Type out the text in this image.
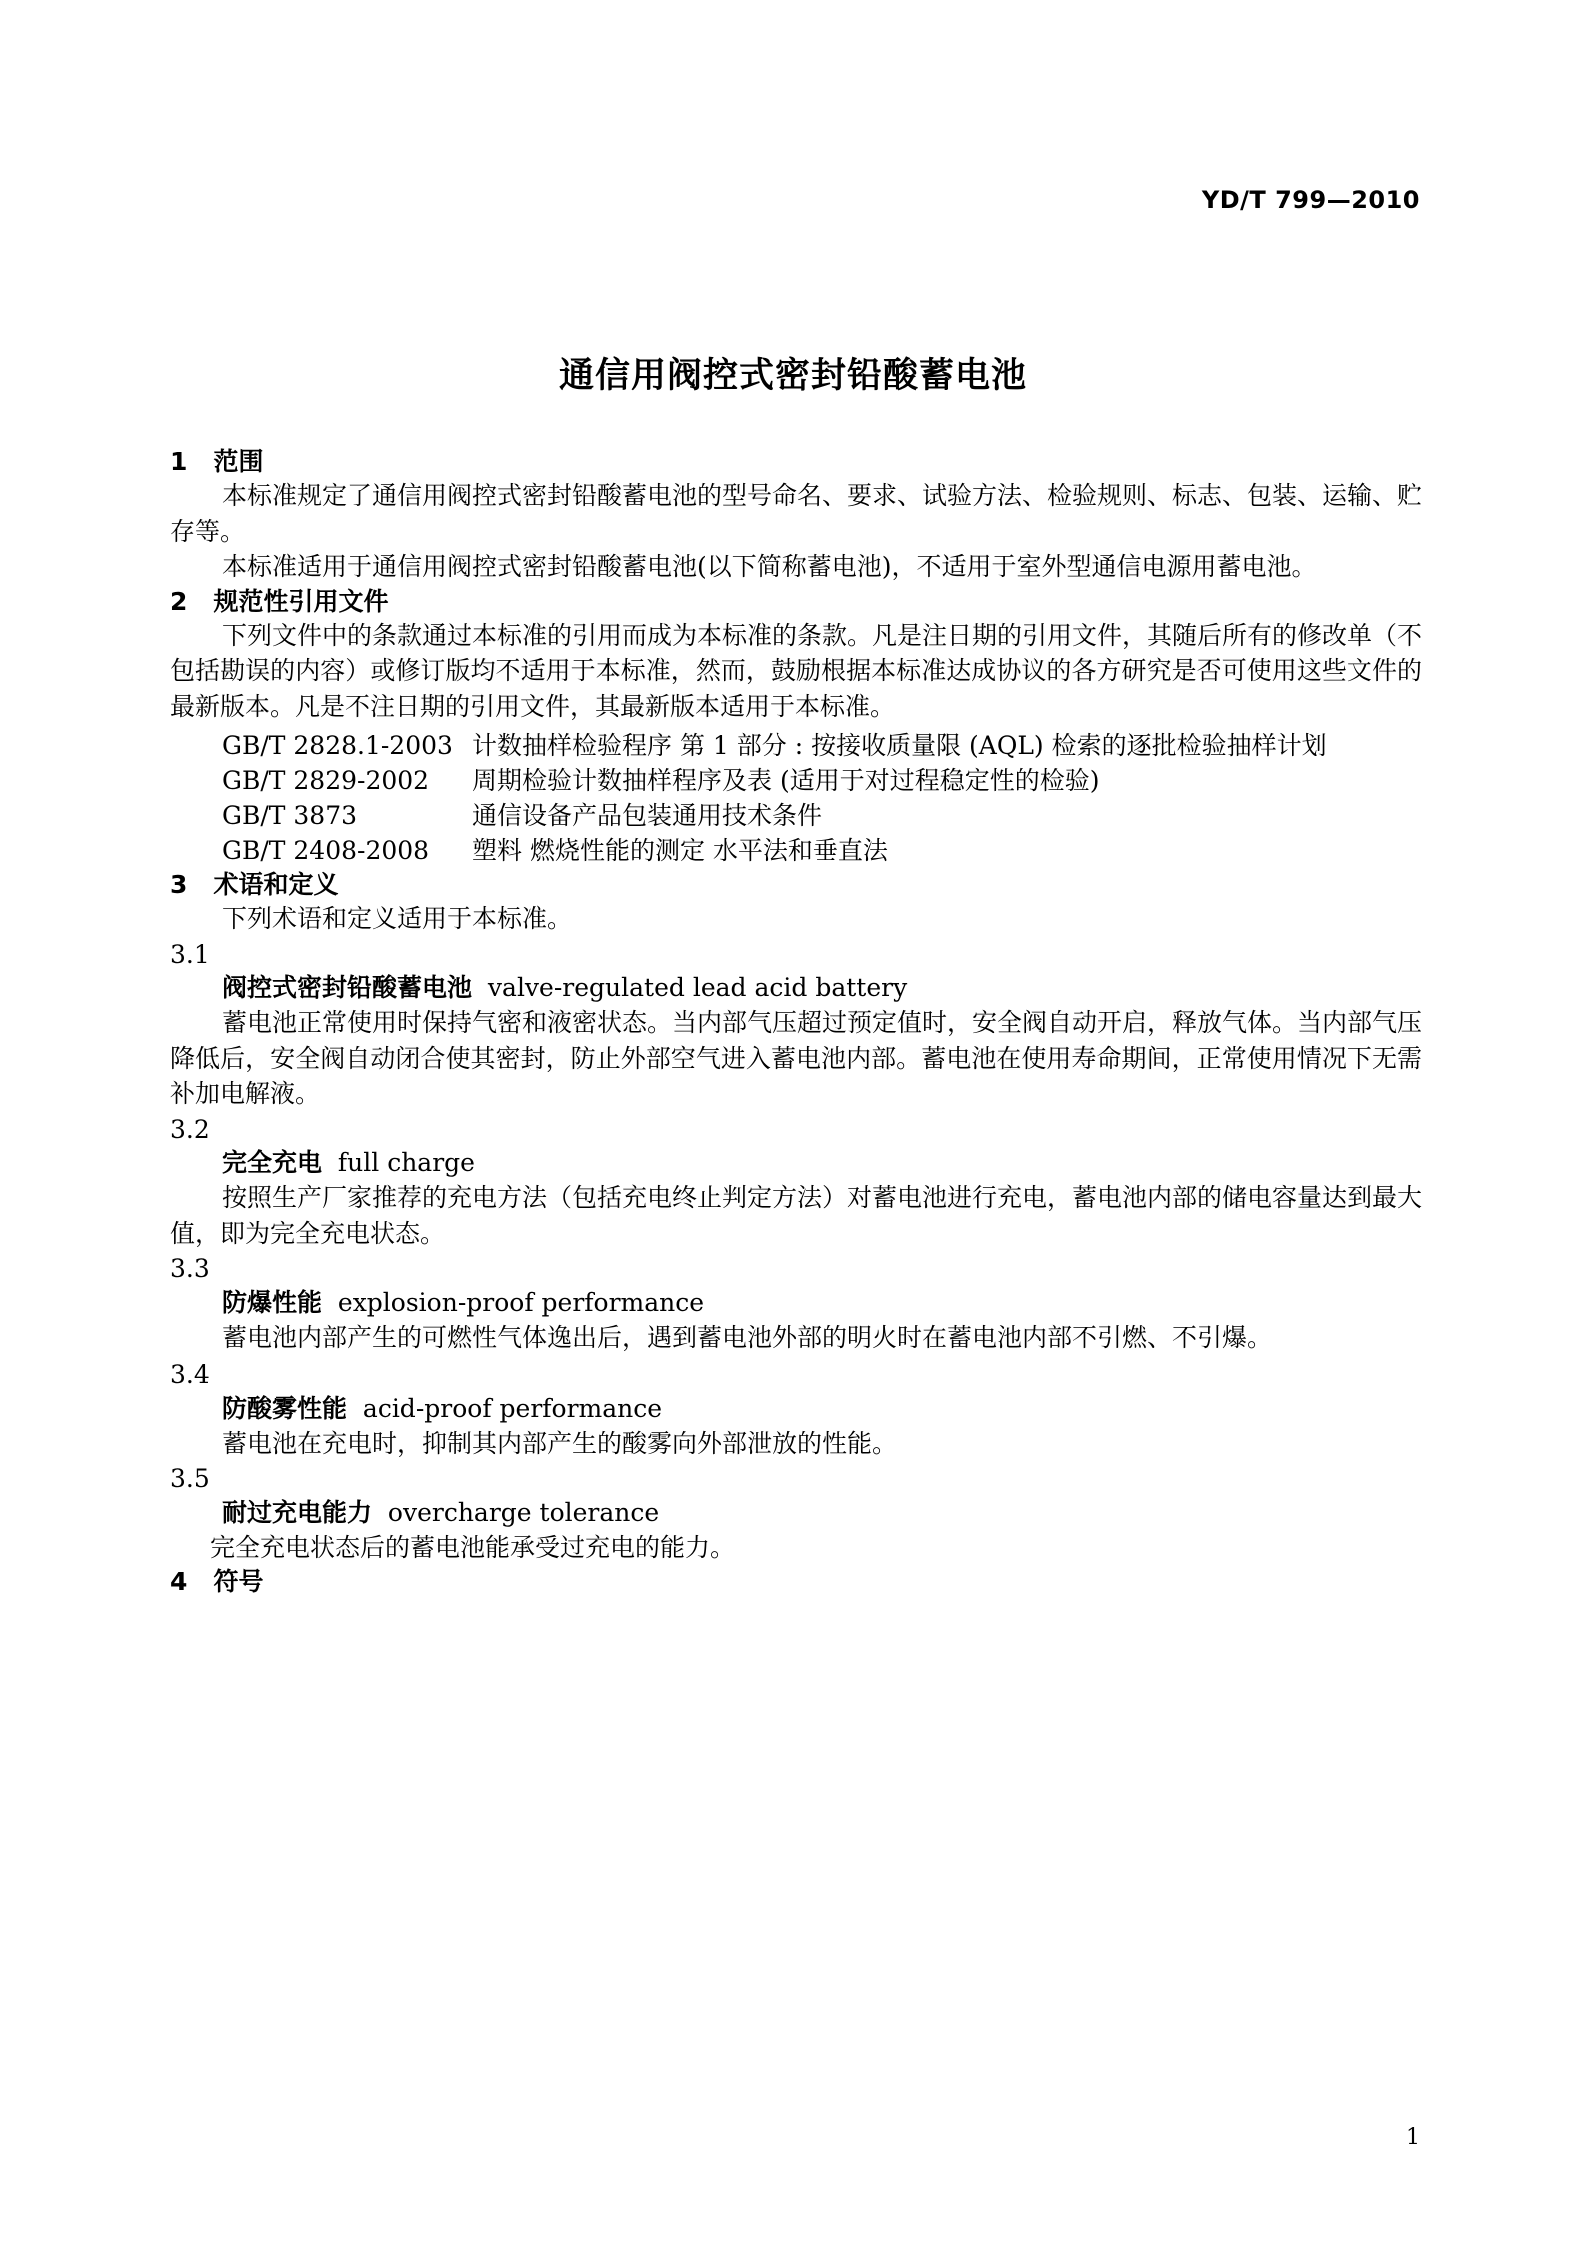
YD/T 799—2010
通信用阀控式密封铅酸蓄电池
1   范围

本标准规定了通信用阀控式密封铅酸蓄电池的型号命名、要求、试验方法、检验规则、标志、包装、运输、贮存等。

本标准适用于通信用阀控式密封铅酸蓄电池(以下简称蓄电池)，不适用于室外型通信电源用蓄电池。

2   规范性引用文件

下列文件中的条款通过本标准的引用而成为本标准的条款。凡是注日期的引用文件，其随后所有的修改单（不包括勘误的内容）或修订版均不适用于本标准，然而，鼓励根据本标准达成协议的各方研究是否可使用这些文件的最新版本。凡是不注日期的引用文件，其最新版本适用于本标准。

GB/T 2828.1-2003 计数抽样检验程序 第 1 部分 : 按接收质量限 (AQL) 检索的逐批检验抽样计划
GB/T 2829-2002	周期检验计数抽样程序及表 (适用于对过程稳定性的检验)
GB/T 3873	通信设备产品包装通用技术条件
GB/T 2408-2008	塑料 燃烧性能的测定 水平法和垂直法
3   术语和定义

下列术语和定义适用于本标准。

3.1

阀控式密封铅酸蓄电池  valve-regulated lead acid battery

蓄电池正常使用时保持气密和液密状态。当内部气压超过预定值时，安全阀自动开启，释放气体。当内部气压降低后，安全阀自动闭合使其密封，防止外部空气进入蓄电池内部。蓄电池在使用寿命期间，正常使用情况下无需补加电解液。

3.2

完全充电  full charge

按照生产厂家推荐的充电方法（包括充电终止判定方法）对蓄电池进行充电，蓄电池内部的储电容量达到最大值，即为完全充电状态。

3.3

防爆性能  explosion-proof performance

蓄电池内部产生的可燃性气体逸出后，遇到蓄电池外部的明火时在蓄电池内部不引燃、不引爆。

3.4

防酸雾性能  acid-proof performance

蓄电池在充电时，抑制其内部产生的酸雾向外部泄放的性能。

3.5

耐过充电能力  overcharge tolerance

完全充电状态后的蓄电池能承受过充电的能力。

4   符号
1
